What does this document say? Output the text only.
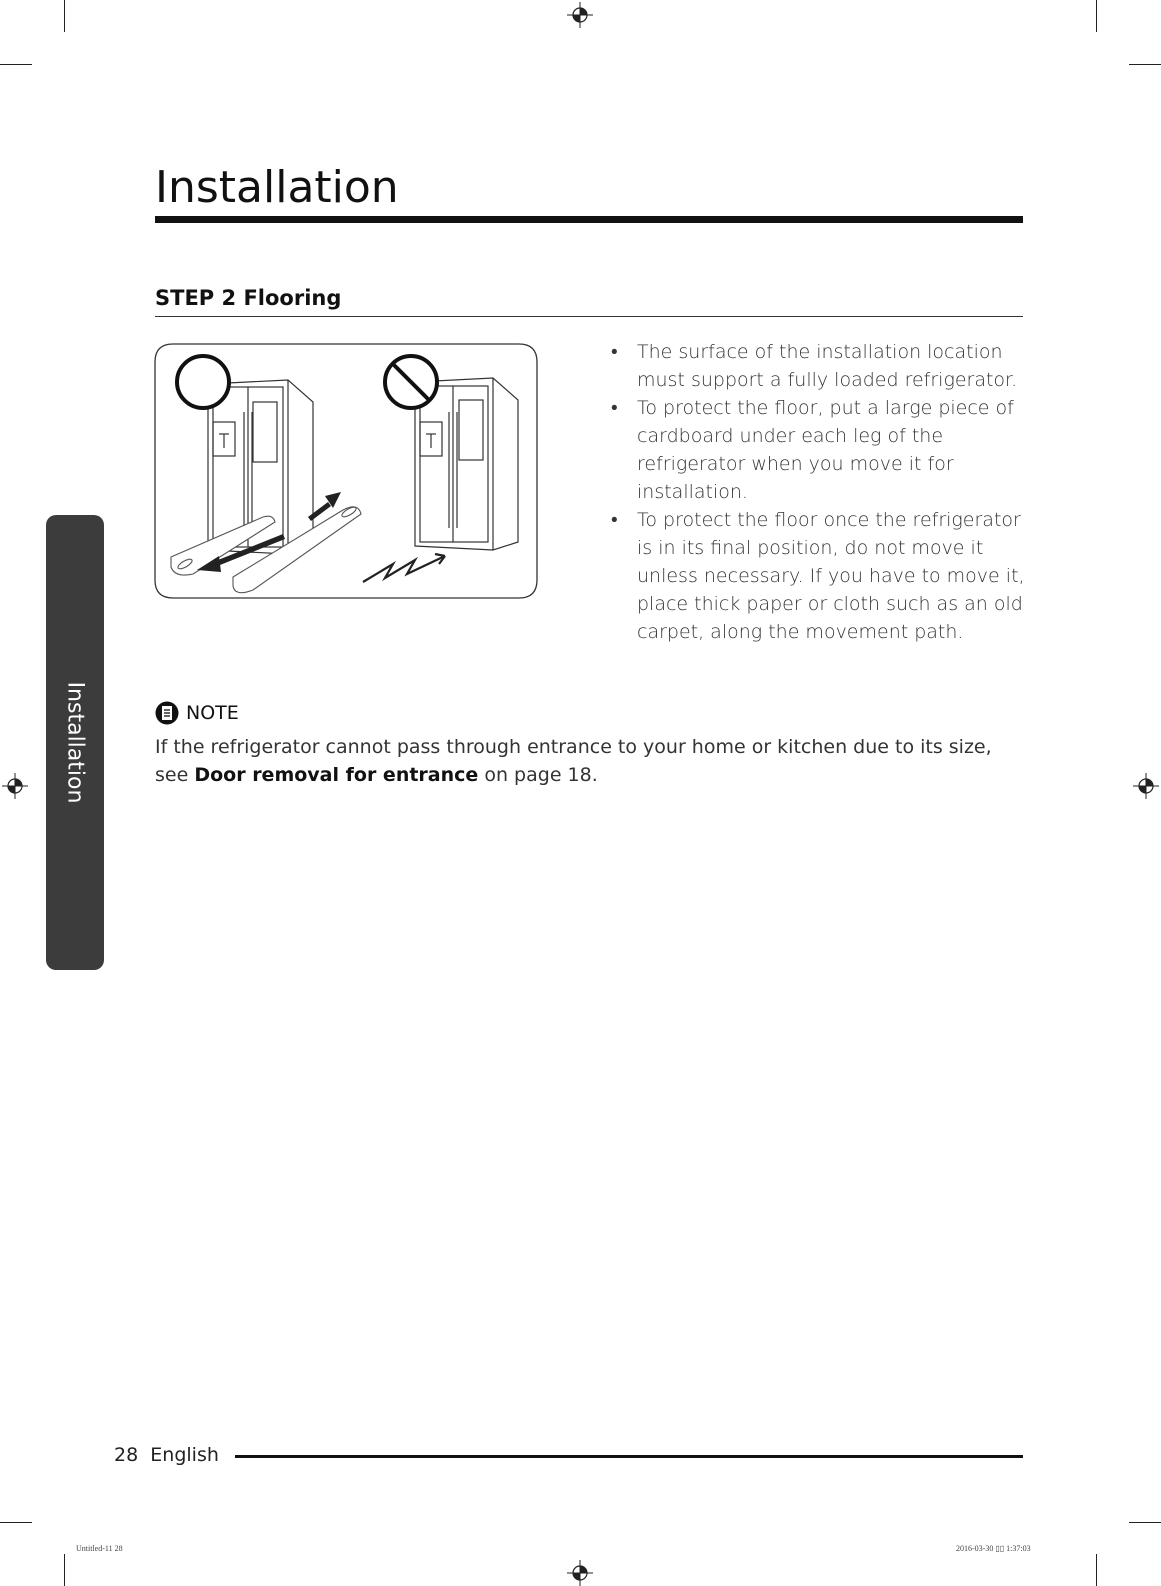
Installation
STEP 2 Flooring
Installation
• The surface of the installation location must support a fully loaded refrigerator.
• To protect the floor, put a large piece of cardboard under each leg of the refrigerator when you move it for installation.
• To protect the floor once the refrigerator is in its final position, do not move it unless necessary. If you have to move it, place thick paper or cloth such as an old carpet, along the movement path.
NOTE

If the refrigerator cannot pass through entrance to your home or kitchen due to its size, see Door removal for entrance on page 18.

28 English
Untitled-11 28	2016-03-30 ▯▯ 1:37:03
